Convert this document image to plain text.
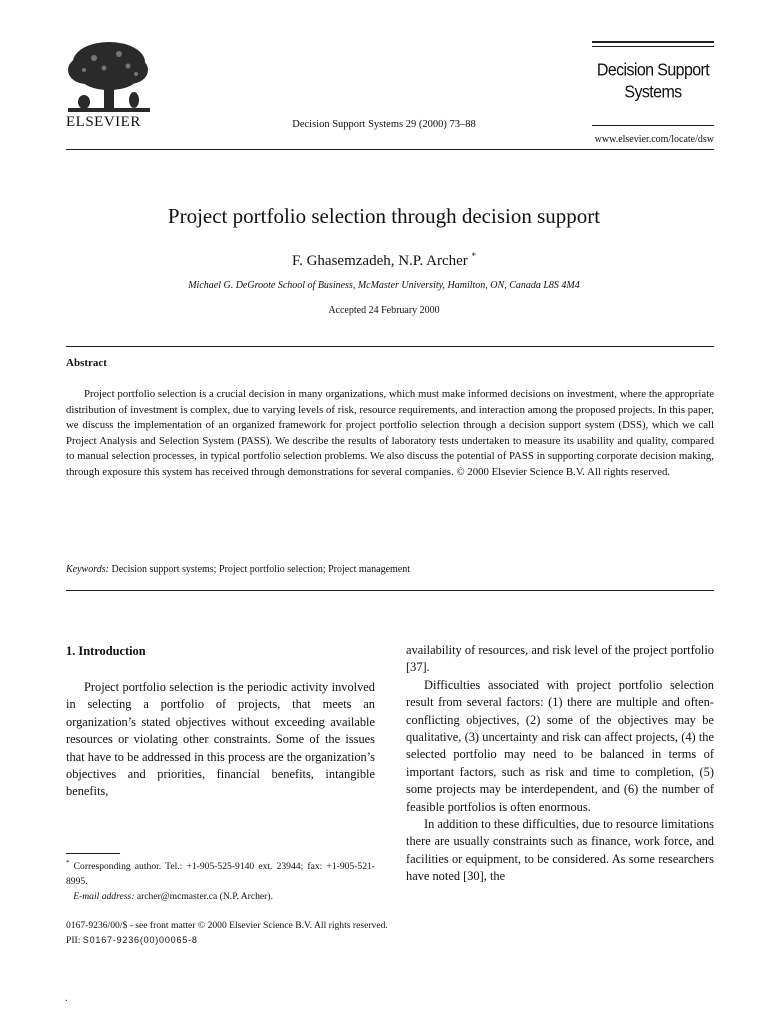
ELSEVIER	Decision Support Systems 29 (2000) 73–88
Decision Support
Systems
www.elsevier.com/locate/dsw
Project portfolio selection through decision support
F. Ghasemzadeh, N.P. Archer *
Michael G. DeGroote School of Business, McMaster University, Hamilton, ON, Canada L8S 4M4
Accepted 24 February 2000
Abstract

Project portfolio selection is a crucial decision in many organizations, which must make informed decisions on investment, where the appropriate distribution of investment is complex, due to varying levels of risk, resource requirements, and interaction among the proposed projects. In this paper, we discuss the implementation of an organized framework for project portfolio selection through a decision support system (DSS), which we call Project Analysis and Selection System (PASS). We describe the results of laboratory tests undertaken to measure its usability and quality, compared to manual selection processes, in typical portfolio selection problems. We also discuss the potential of PASS in supporting corporate decision making, through exposure this system has received through demonstrations for several companies. © 2000 Elsevier Science B.V. All rights reserved.

Keywords: Decision support systems; Project portfolio selection; Project management
1. Introduction

Project portfolio selection is the periodic activity involved in selecting a portfolio of projects, that meets an organization’s stated objectives without exceeding available resources or violating other constraints. Some of the issues that have to be addressed in this process are the organization’s objectives and priorities, financial benefits, intangible benefits,

availability of resources, and risk level of the project portfolio [37].

Difficulties associated with project portfolio selection result from several factors: (1) there are multiple and often-conflicting objectives, (2) some of the objectives may be qualitative, (3) uncertainty and risk can affect projects, (4) the selected portfolio may need to be balanced in terms of important factors, such as risk and time to completion, (5) some projects may be interdependent, and (6) the number of feasible portfolios is often enormous.

In addition to these difficulties, due to resource limitations there are usually constraints such as finance, work force, and facilities or equipment, to be considered. As some researchers have noted [30], the

* Corresponding author. Tel.: +1-905-525-9140 ext. 23944; fax: +1-905-521-8995.

E-mail address: archer@mcmaster.ca (N.P. Archer).

0167-9236/00/$ - see front matter © 2000 Elsevier Science B.V. All rights reserved.
PII: S0167-9236(00)00065-8
.
